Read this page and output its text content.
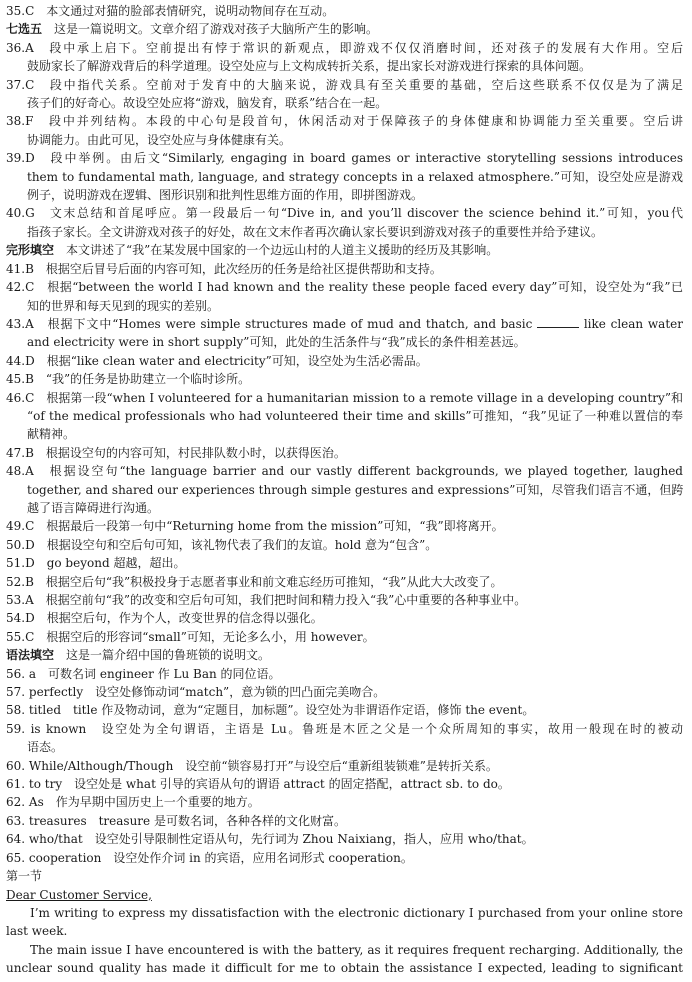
35.C　本文通过对猫的脸部表情研究，说明动物间存在互动。
七选五　这是一篇说明文。文章介绍了游戏对孩子大脑所产生的影响。
36.A　段中承上启下。空前提出有悖于常识的新观点，即游戏不仅仅消磨时间，还对孩子的发展有大作用。空后
鼓励家长了解游戏背后的科学道理。设空处应与上文构成转折关系，提出家长对游戏进行探索的具体问题。
37.C　段中指代关系。空前对于发育中的大脑来说，游戏具有至关重要的基础，空后这些联系不仅仅是为了满足
孩子们的好奇心。故设空处应将“游戏，脑发育，联系”结合在一起。
38.F　段中并列结构。本段的中心句是段首句，休闲活动对于保障孩子的身体健康和协调能力至关重要。空后讲
协调能力。由此可见，设空处应与身体健康有关。
39.D　段中举例。由后文“Similarly, engaging in board games or interactive storytelling sessions introduces
them to fundamental math, language, and strategy concepts in a relaxed atmosphere.”可知，设空处应是游戏
例子，说明游戏在逻辑、图形识别和批判性思维方面的作用，即拼图游戏。
40.G　文末总结和首尾呼应。第一段最后一句“Dive in, and you’ll discover the science behind it.”可知，you代
指孩子家长。全文讲游戏对孩子的好处，故在文末作者再次确认家长要识到游戏对孩子的重要性并给予建议。
完形填空　本文讲述了“我”在某发展中国家的一个边远山村的人道主义援助的经历及其影响。
41.B　根据空后冒号后面的内容可知，此次经历的任务是给社区提供帮助和支持。
42.C　根据“between the world I had known and the reality these people faced every day”可知，设空处为“我”已
知的世界和每天见到的现实的差别。
43.A　根据下文中“Homes were simple structures made of mud and thatch, and basic	like clean water
and electricity were in short supply”可知，此处的生活条件与“我”成长的条件相差甚远。
44.D　根据“like clean water and electricity”可知，设空处为生活必需品。
45.B　“我”的任务是协助建立一个临时诊所。
46.C　根据第一段“when I volunteered for a humanitarian mission to a remote village in a developing country”和
“of the medical professionals who had volunteered their time and skills”可推知，“我”见证了一种难以置信的奉
献精神。
47.B　根据设空句的内容可知，村民排队数小时，以获得医治。
48.A　根据设空句“the language barrier and our vastly different backgrounds, we played together, laughed
together, and shared our experiences through simple gestures and expressions”可知，尽管我们语言不通，但跨
越了语言障碍进行沟通。
49.C　根据最后一段第一句中“Returning home from the mission”可知，“我”即将离开。
50.D　根据设空句和空后句可知，该礼物代表了我们的友谊。hold 意为“包含”。
51.D　go beyond 超越，超出。
52.B　根据空后句“我”积极投身于志愿者事业和前文难忘经历可推知，“我”从此大大改变了。
53.A　根据空前句“我”的改变和空后句可知，我们把时间和精力投入“我”心中重要的各种事业中。
54.D　根据空后句，作为个人，改变世界的信念得以强化。
55.C　根据空后的形容词“small”可知，无论多么小，用 however。
语法填空　这是一篇介绍中国的鲁班锁的说明文。
56. a　可数名词 engineer 作 Lu Ban 的同位语。
57. perfectly　设空处修饰动词“match”，意为锁的凹凸面完美吻合。
58. titled　title 作及物动词，意为“定题目，加标题”。设空处为非谓语作定语，修饰 the event。
59. is known　设空处为全句谓语，主语是 Lu。鲁班是木匠之父是一个众所周知的事实，故用一般现在时的被动
语态。
60. While/Although/Though　设空前“锁容易打开”与设空后“重新组装锁难”是转折关系。
61. to try　设空处是 what 引导的宾语从句的谓语 attract 的固定搭配，attract sb. to do。
62. As　作为早期中国历史上一个重要的地方。
63. treasures　treasure 是可数名词，各种各样的文化财富。
64. who/that　设空处引导限制性定语从句，先行词为 Zhou Naixiang，指人，应用 who/that。
65. cooperation　设空处作介词 in 的宾语，应用名词形式 cooperation。
第一节
Dear Customer Service,
I’m writing to express my dissatisfaction with the electronic dictionary I purchased from your online store
last week.
The main issue I have encountered is with the battery, as it requires frequent recharging. Additionally, the
unclear sound quality has made it difficult for me to obtain the assistance I expected, leading to significant
